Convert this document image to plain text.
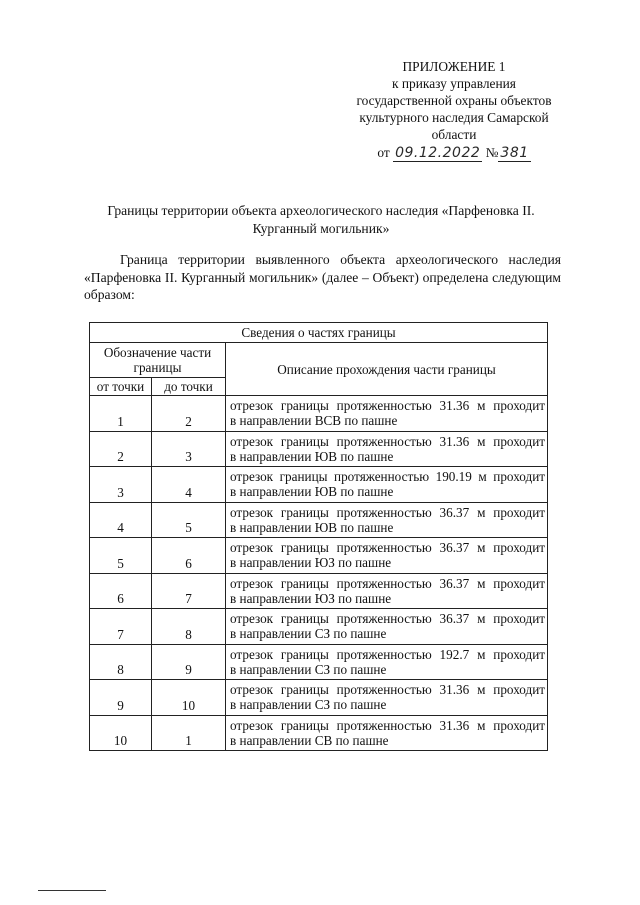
ПРИЛОЖЕНИЕ 1
к приказу управления
государственной охраны объектов
культурного наследия Самарской
области
от 09.12.2022 № 381
Границы территории объекта археологического наследия «Парфеновка II.
Курганный могильник»
Граница территории выявленного объекта археологического наследия «Парфеновка II. Курганный могильник» (далее – Объект) определена следующим образом:
Сведения о частях границы		
Обозначение части границы		Описание прохождения части границы
от точки	до точки	
1	2	отрезок границы протяженностью 31.36 м проходит
в направлении ВСВ по пашне

2	3	отрезок границы протяженностью 31.36 м проходит
в направлении ЮВ по пашне

3	4	отрезок границы протяженностью 190.19 м проходит
в направлении ЮВ по пашне

4	5	отрезок границы протяженностью 36.37 м проходит
в направлении ЮВ по пашне

5	6	отрезок границы протяженностью 36.37 м проходит
в направлении ЮЗ по пашне

6	7	отрезок границы протяженностью 36.37 м проходит
в направлении ЮЗ по пашне

7	8	отрезок границы протяженностью 36.37 м проходит
в направлении СЗ по пашне

8	9	отрезок границы протяженностью 192.7 м проходит
в направлении СЗ по пашне

9	10	отрезок границы протяженностью 31.36 м проходит
в направлении СЗ по пашне

10	1	отрезок границы протяженностью 31.36 м проходит
в направлении СВ по пашне
